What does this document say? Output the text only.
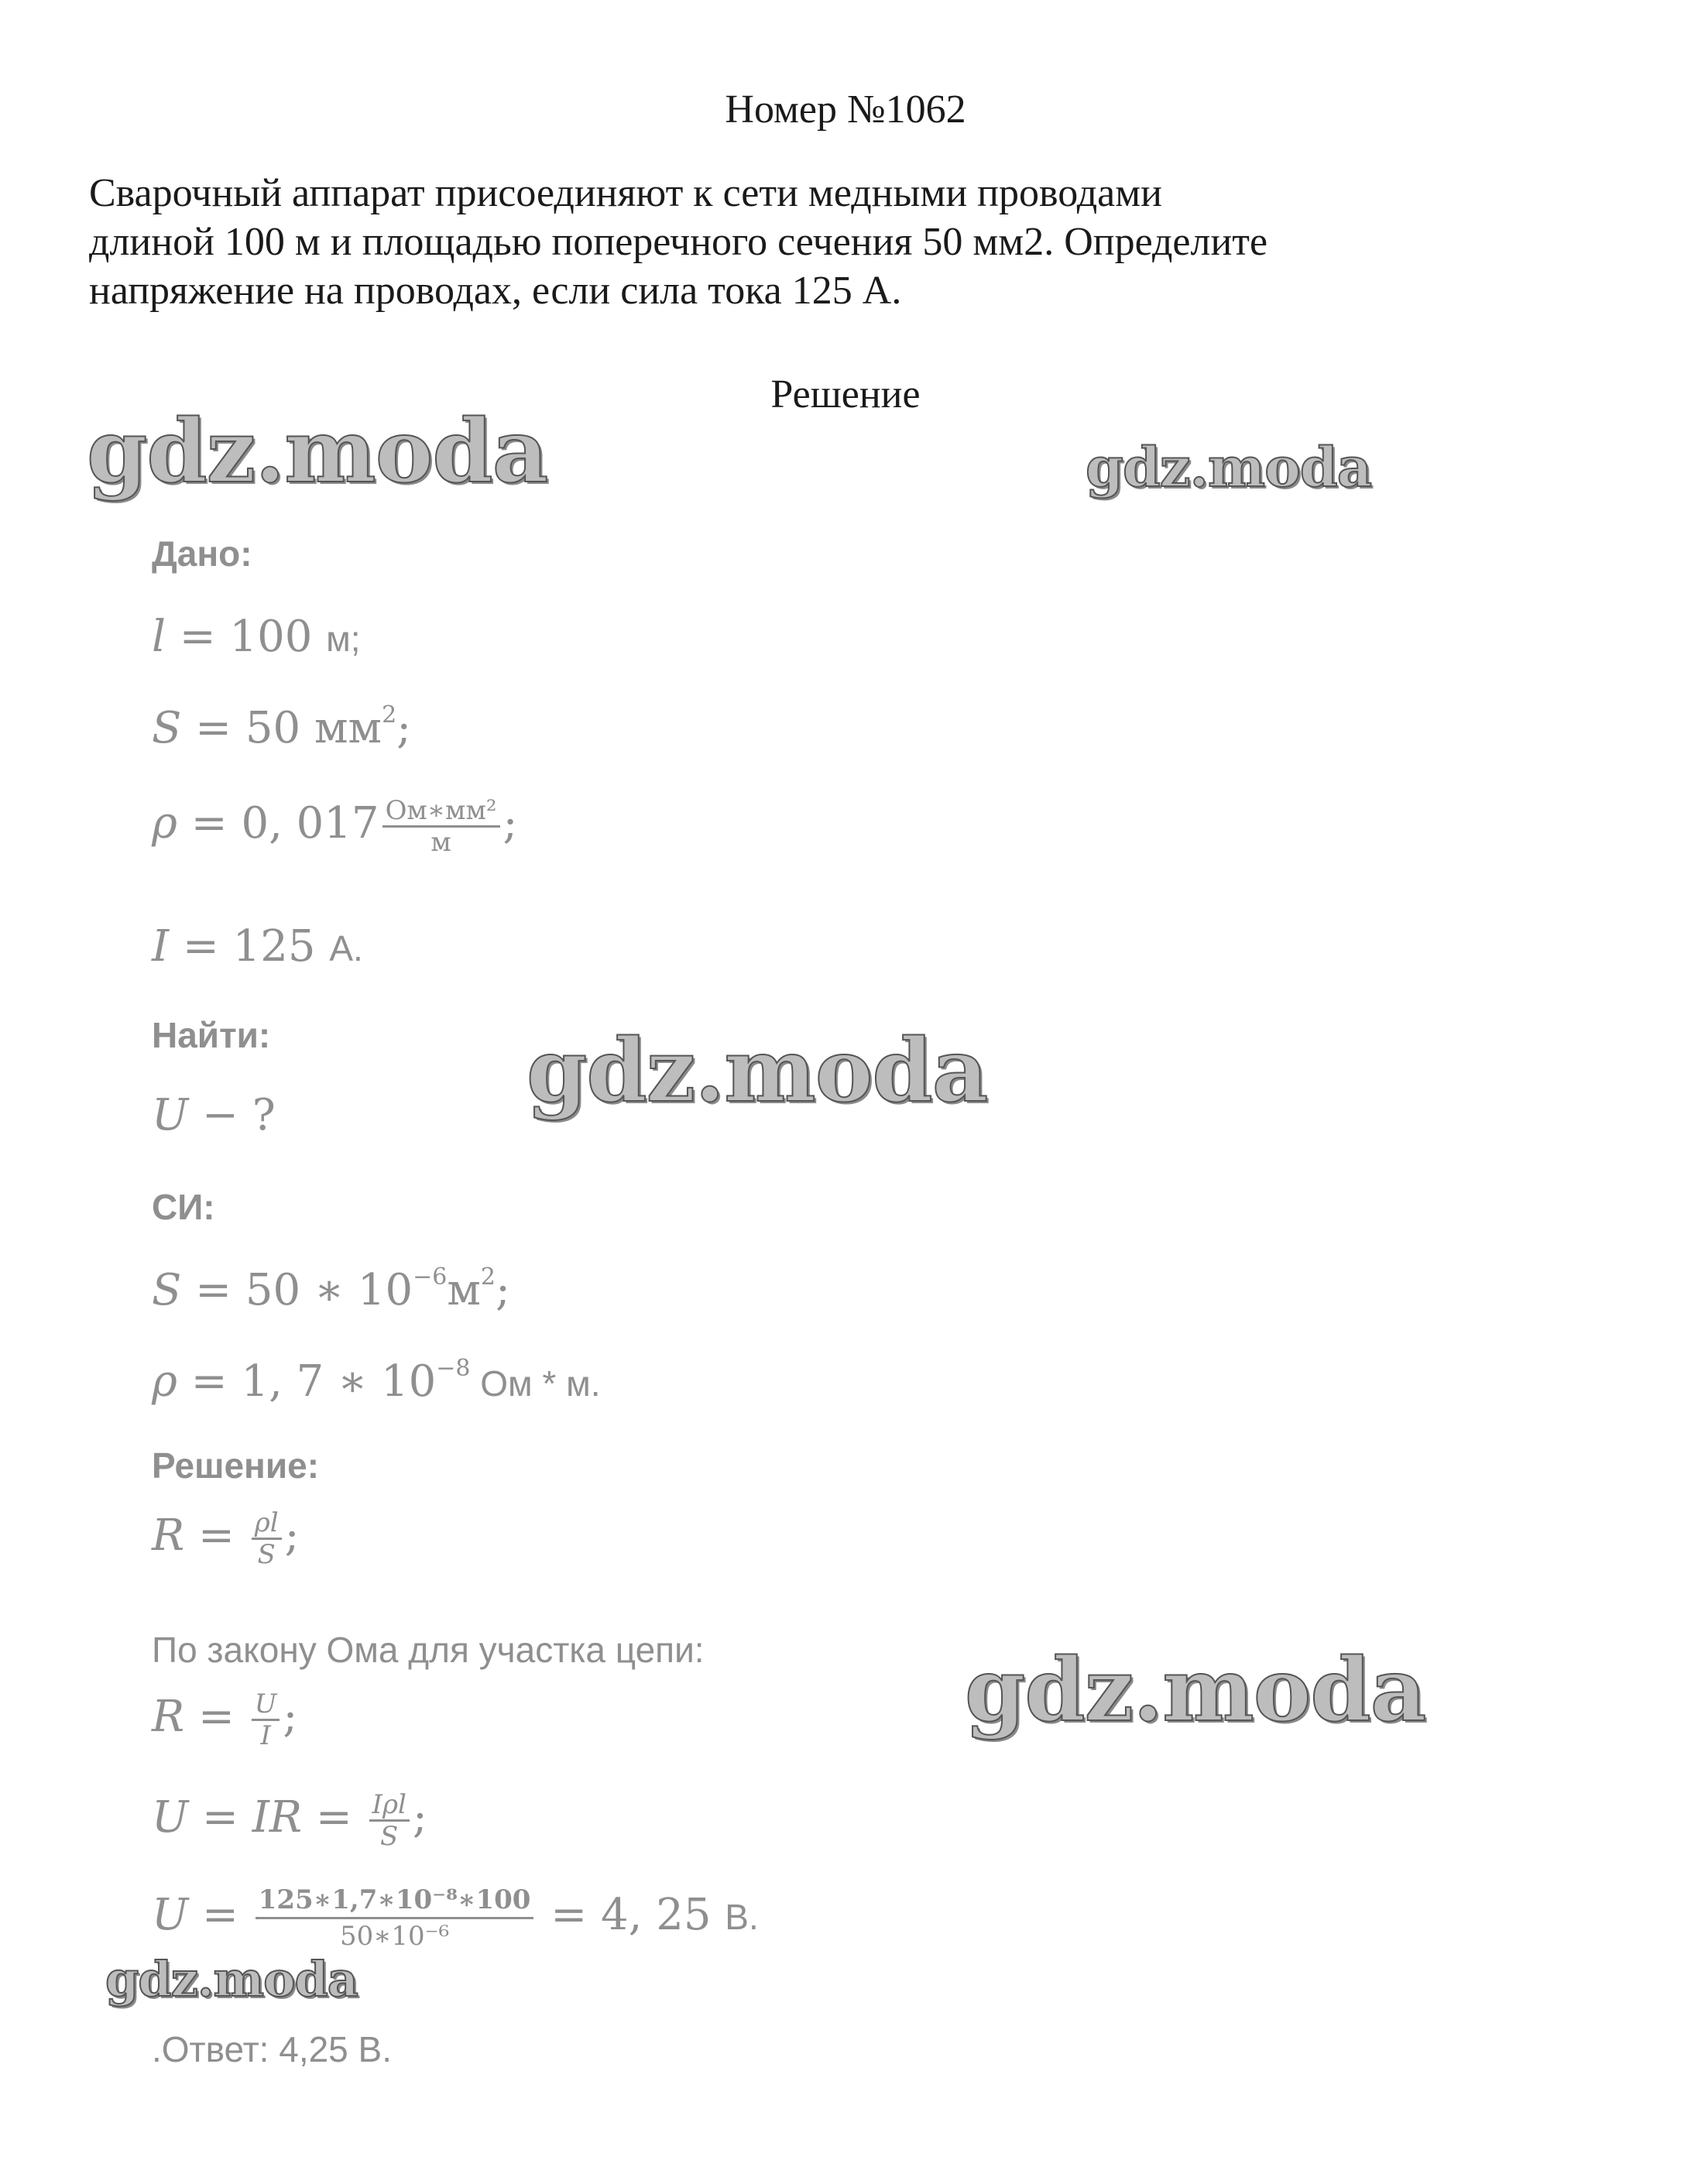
Номер №1062
Сварочный аппарат присоединяют к сети медными проводами
длиной 100 м и площадью поперечного сечения 50 мм2. Определите
напряжение на проводах, если сила тока 125 А.
Решение
gdz.moda	gdz.moda
gdz.moda
gdz.moda
Дано:
l = 100 м;
S = 50 $мм^2$;
ρ = 0, $017 \frac{\text{Ом∗мм²}}{м}$ ;
I = 125 А.
Найти:
U − ?
СИ:
S = 50 ∗ $10^{-6}м^2$;
ρ = 1, 7 ∗ $10^{-8}$ Ом * м.
Решение:
$R = \frac{\rho l}{S}$ ;
По закону Ома для участка цепи:
$R = \frac{U}{I}$ ;
U = IR = $\frac{\text{Iρl}}{S}$ ;
$U = \frac{\text{125∗1,7∗10⁻⁸∗100}}{\text{50∗10⁻⁶}} = 4$, 25 В.
gdz.moda
.Ответ: 4,25 В.
